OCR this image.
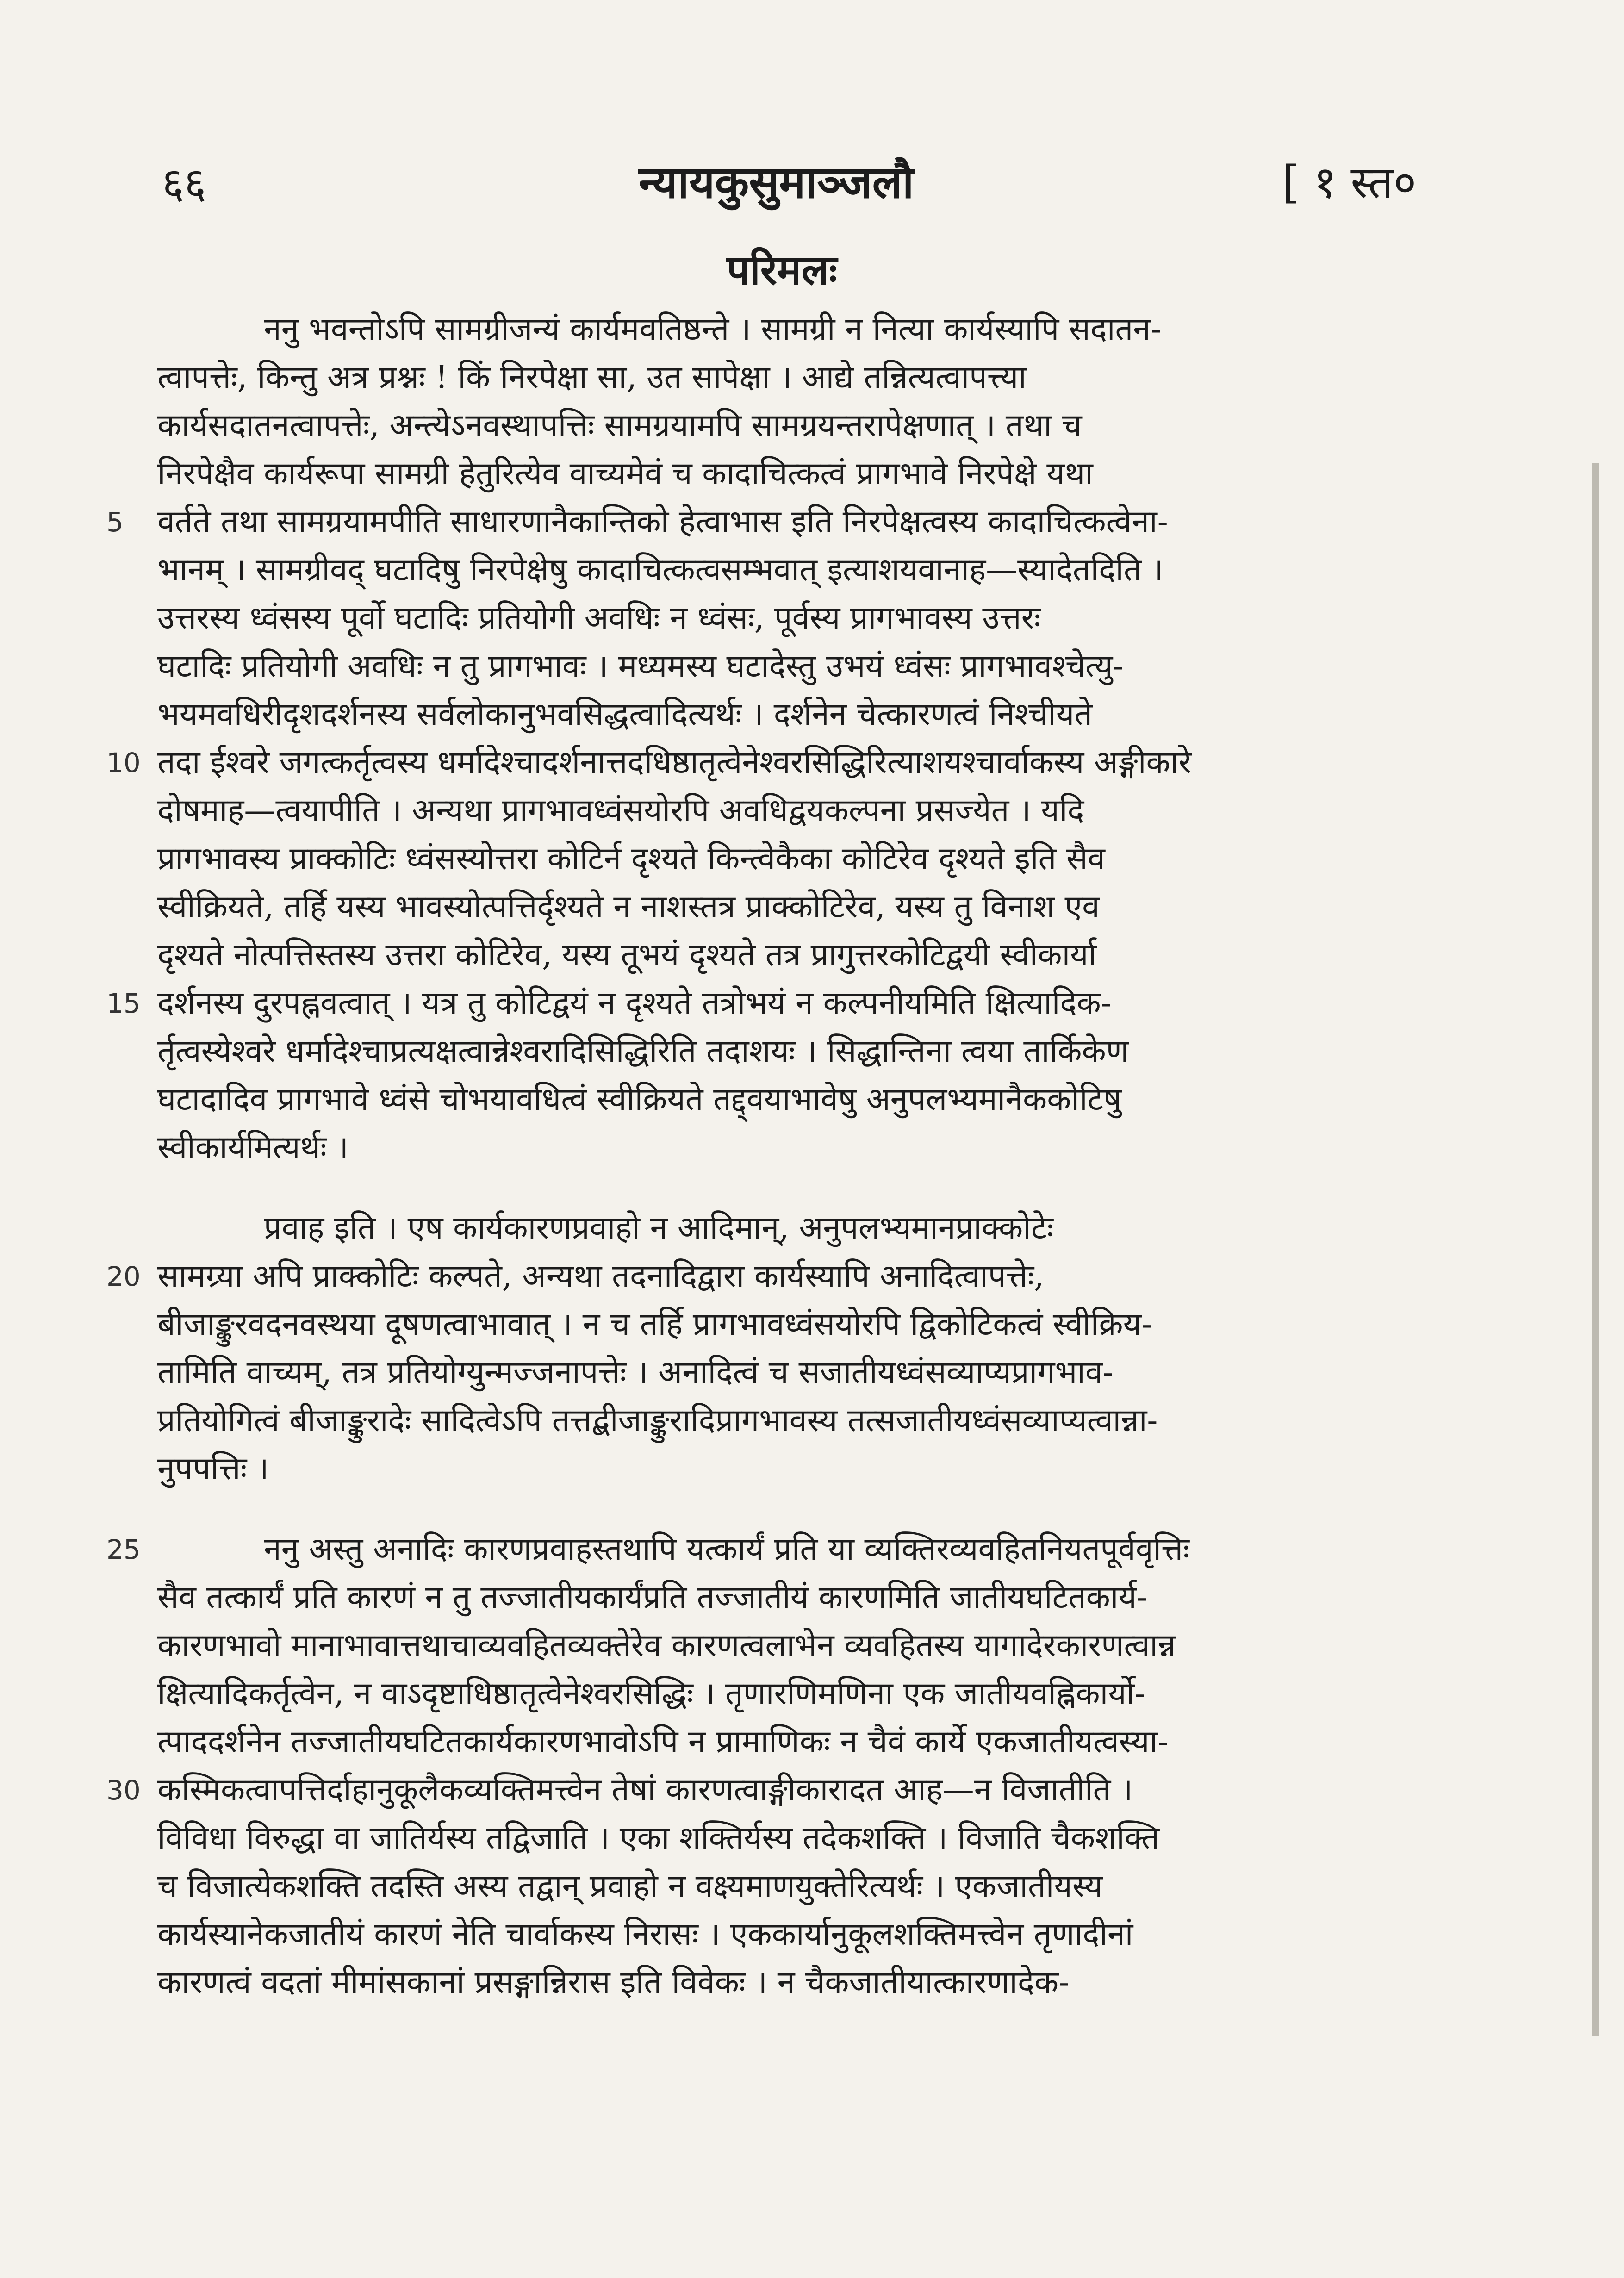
६६	न्यायकुसुमाञ्जलौ	[ १ स्त०
परिमलः
ननु भवन्तोऽपि सामग्रीजन्यं कार्यमवतिष्ठन्ते । सामग्री न नित्या कार्यस्यापि सदातन-
त्वापत्तेः, किन्तु अत्र प्रश्नः ! किं निरपेक्षा सा, उत सापेक्षा । आद्ये तन्नित्यत्वापत्त्या
कार्यसदातनत्वापत्तेः, अन्त्येऽनवस्थापत्तिः सामग्रयामपि सामग्रयन्तरापेक्षणात् । तथा च
निरपेक्षैव कार्यरूपा सामग्री हेतुरित्येव वाच्यमेवं च कादाचित्कत्वं प्रागभावे निरपेक्षे यथा
5 वर्तते तथा सामग्रयामपीति साधारणानैकान्तिको हेत्वाभास इति निरपेक्षत्वस्य कादाचित्कत्वेना-
भानम् । सामग्रीवद् घटादिषु निरपेक्षेषु कादाचित्कत्वसम्भवात् इत्याशयवानाह—स्यादेतदिति ।
उत्तरस्य ध्वंसस्य पूर्वो घटादिः प्रतियोगी अवधिः न ध्वंसः, पूर्वस्य प्रागभावस्य उत्तरः
घटादिः प्रतियोगी अवधिः न तु प्रागभावः । मध्यमस्य घटादेस्तु उभयं ध्वंसः प्रागभावश्चेत्यु-
भयमवधिरीदृशदर्शनस्य सर्वलोकानुभवसिद्धत्वादित्यर्थः । दर्शनेन चेत्कारणत्वं निश्चीयते
10 तदा ईश्वरे जगत्कर्तृत्वस्य धर्मादेश्चादर्शनात्तदधिष्ठातृत्वेनेश्वरसिद्धिरित्याशयश्चार्वाकस्य अङ्गीकारे
दोषमाह—त्वयापीति । अन्यथा प्रागभावध्वंसयोरपि अवधिद्वयकल्पना प्रसज्येत । यदि
प्रागभावस्य प्राक्कोटिः ध्वंसस्योत्तरा कोटिर्न दृश्यते किन्त्वेकैका कोटिरेव दृश्यते इति सैव
स्वीक्रियते, तर्हि यस्य भावस्योत्पत्तिर्दृश्यते न नाशस्तत्र प्राक्कोटिरेव, यस्य तु विनाश एव
दृश्यते नोत्पत्तिस्तस्य उत्तरा कोटिरेव, यस्य तूभयं दृश्यते तत्र प्रागुत्तरकोटिद्वयी स्वीकार्या
15 दर्शनस्य दुरपह्नवत्वात् । यत्र तु कोटिद्वयं न दृश्यते तत्रोभयं न कल्पनीयमिति क्षित्यादिक-
र्तृत्वस्येश्वरे धर्मादेश्चाप्रत्यक्षत्वान्नेश्वरादिसिद्धिरिति तदाशयः । सिद्धान्तिना त्वया तार्किकेण
घटादादिव प्रागभावे ध्वंसे चोभयावधित्वं स्वीक्रियते तद्द्वयाभावेषु अनुपलभ्यमानैककोटिषु
स्वीकार्यमित्यर्थः ।
प्रवाह इति । एष कार्यकारणप्रवाहो न आदिमान्, अनुपलभ्यमानप्राक्कोटेः
20 सामग्र्या अपि प्राक्कोटिः कल्पते, अन्यथा तदनादिद्वारा कार्यस्यापि अनादित्वापत्तेः,
बीजाङ्कुरवदनवस्थया दूषणत्वाभावात् । न च तर्हि प्रागभावध्वंसयोरपि द्विकोटिकत्वं स्वीक्रिय-
तामिति वाच्यम्, तत्र प्रतियोग्युन्मज्जनापत्तेः । अनादित्वं च सजातीयध्वंसव्याप्यप्रागभाव-
प्रतियोगित्वं बीजाङ्कुरादेः सादित्वेऽपि तत्तद्बीजाङ्कुरादिप्रागभावस्य तत्सजातीयध्वंसव्याप्यत्वान्ना-
नुपपत्तिः ।
25	ननु अस्तु अनादिः कारणप्रवाहस्तथापि यत्कार्यं प्रति या व्यक्तिरव्यवहितनियतपूर्ववृत्तिः
सैव तत्कार्यं प्रति कारणं न तु तज्जातीयकार्यंप्रति तज्जातीयं कारणमिति जातीयघटितकार्य-
कारणभावो मानाभावात्तथाचाव्यवहितव्यक्तेरेव कारणत्वलाभेन व्यवहितस्य यागादेरकारणत्वान्न
क्षित्यादिकर्तृत्वेन, न वाऽदृष्टाधिष्ठातृत्वेनेश्वरसिद्धिः । तृणारणिमणिना एक जातीयवह्निकार्यो-
त्पाददर्शनेन तज्जातीयघटितकार्यकारणभावोऽपि न प्रामाणिकः न चैवं कार्ये एकजातीयत्वस्या-
30 कस्मिकत्वापत्तिर्दाहानुकूलैकव्यक्तिमत्त्वेन तेषां कारणत्वाङ्गीकारादत आह—न विजातीति ।
विविधा विरुद्धा वा जातिर्यस्य तद्विजाति । एका शक्तिर्यस्य तदेकशक्ति । विजाति चैकशक्ति
च विजात्येकशक्ति तदस्ति अस्य तद्वान् प्रवाहो न वक्ष्यमाणयुक्तेरित्यर्थः । एकजातीयस्य
कार्यस्यानेकजातीयं कारणं नेति चार्वाकस्य निरासः । एककार्यानुकूलशक्तिमत्त्वेन तृणादीनां
कारणत्वं वदतां मीमांसकानां प्रसङ्गान्निरास इति विवेकः । न चैकजातीयात्कारणादेक-
